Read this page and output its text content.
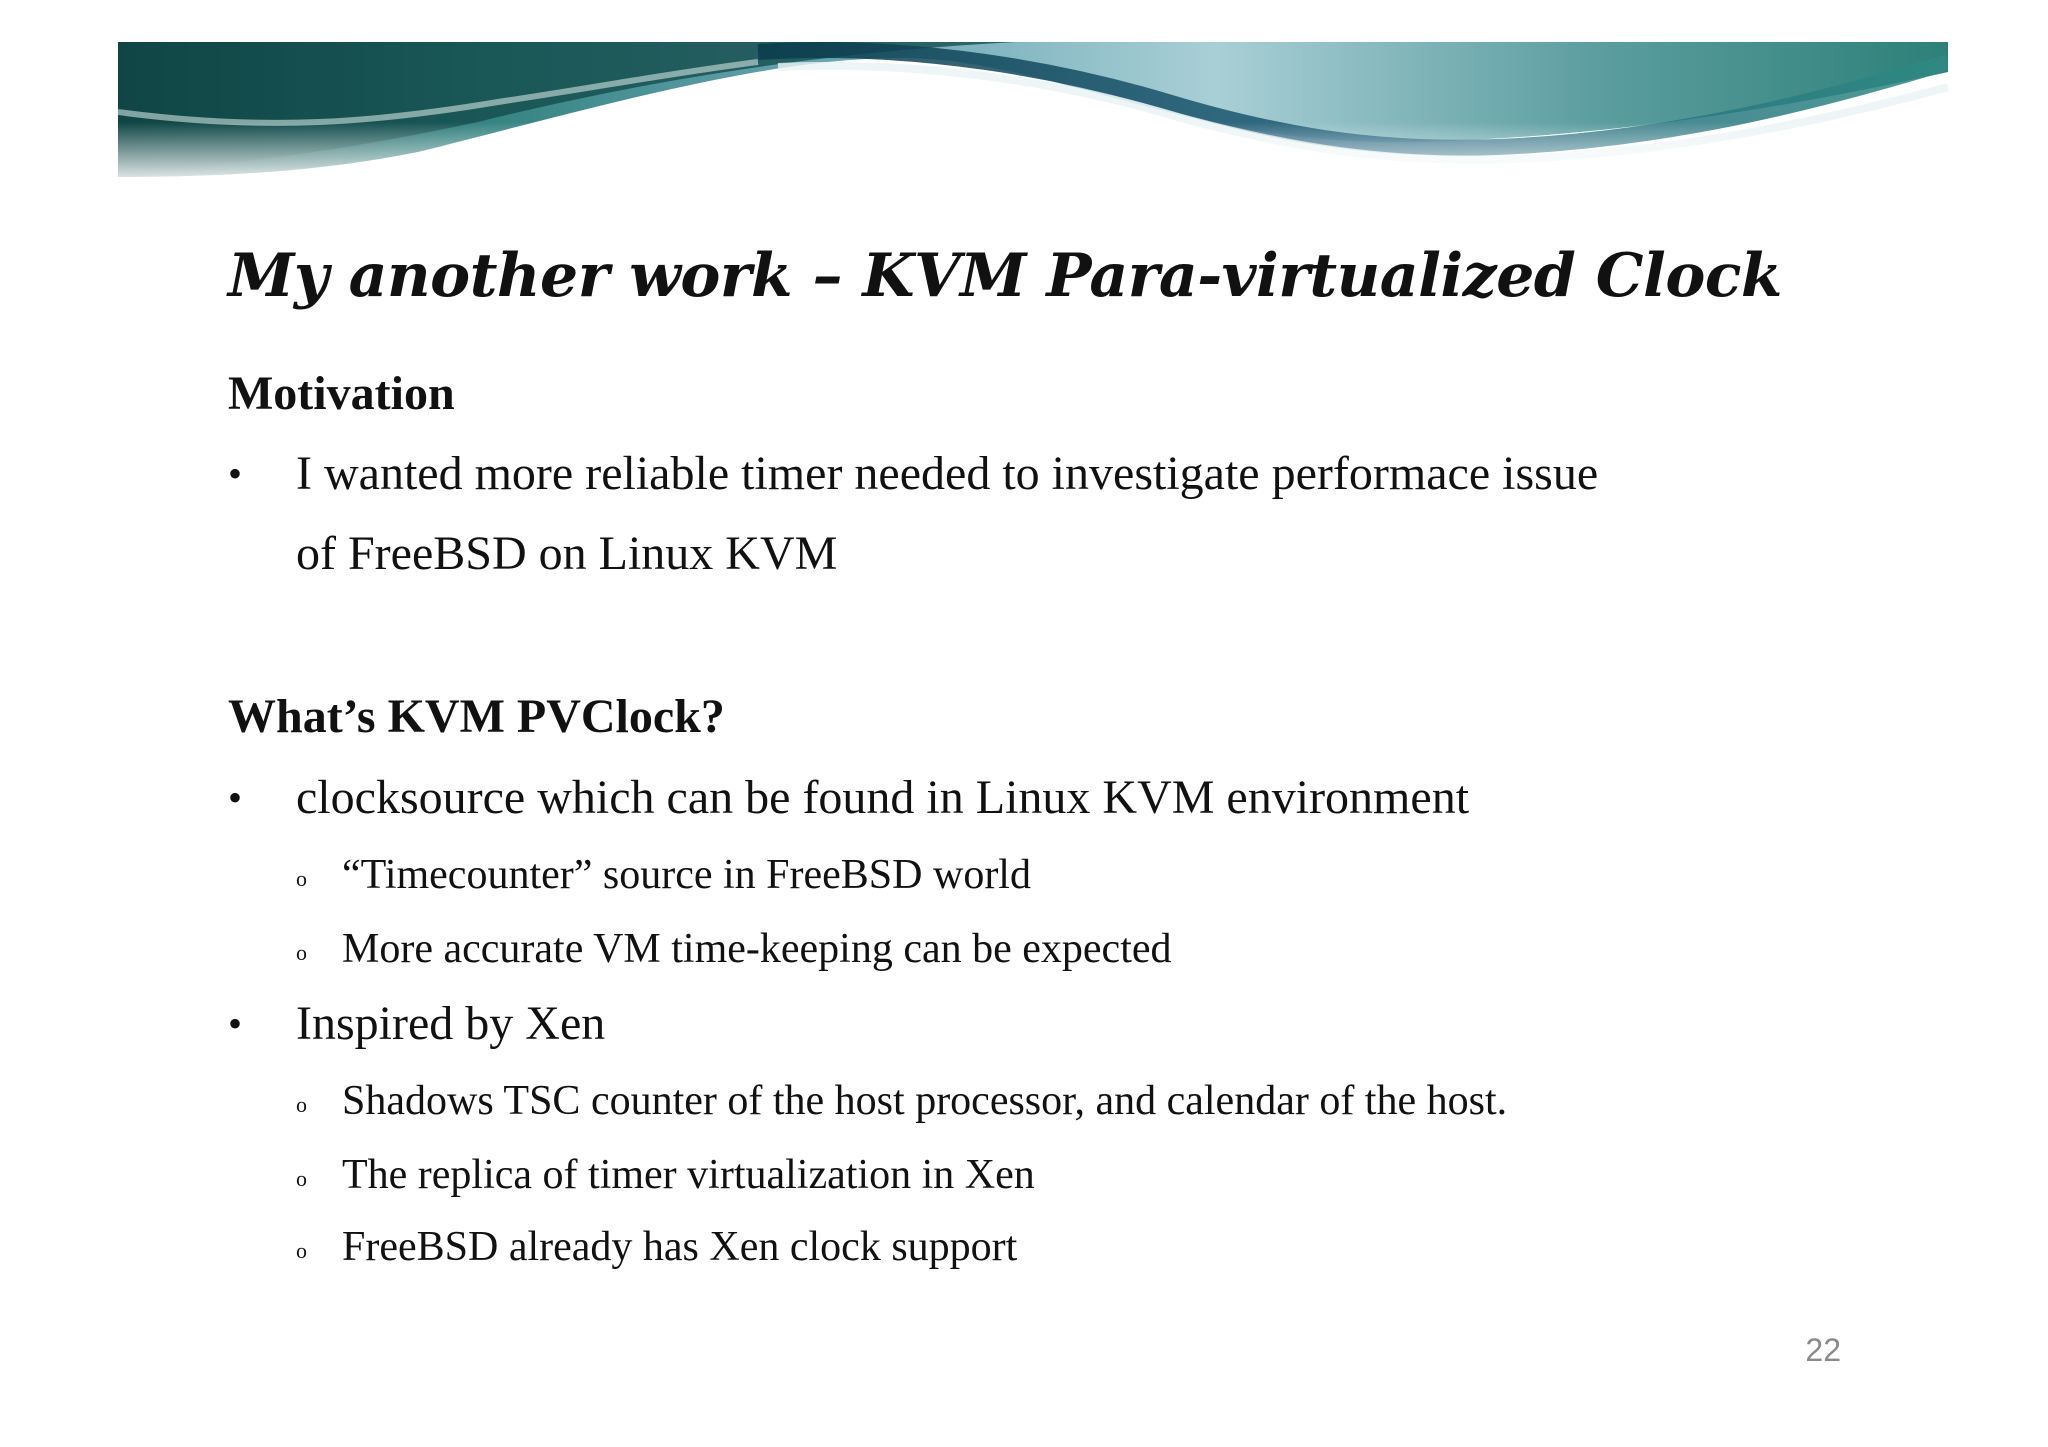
My another work – KVM Para-virtualized Clock
Motivation
• I wanted more reliable timer needed to investigate performace issue
of FreeBSD on Linux KVM
What’s KVM PVClock?
• clocksource which can be found in Linux KVM environment
o “Timecounter” source in FreeBSD world
o More accurate VM time-keeping can be expected
• Inspired by Xen
o Shadows TSC counter of the host processor, and calendar of the host.
o The replica of timer virtualization in Xen
o FreeBSD already has Xen clock support
22
